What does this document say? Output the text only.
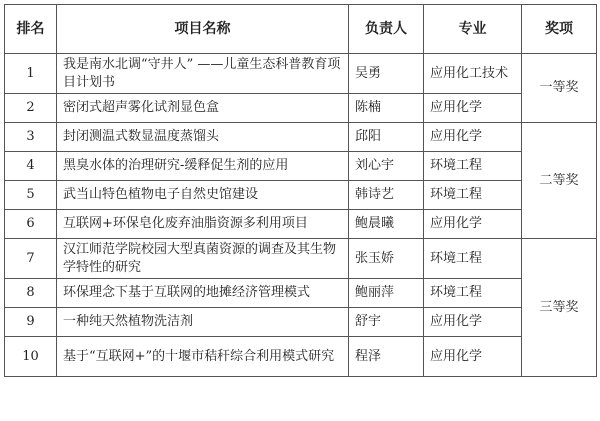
排名	项目名称	负责人	专业	奖项
1	我是南水北调“守井人” ——儿童生态科普教育项目计划书	吴勇	应用化工技术	一等奖
2	密闭式超声雾化试剂显色盒	陈楠	应用化学	
3	封闭测温式数显温度蒸馏头	邱阳	应用化学	二等奖
4	黑臭水体的治理研究-缓释促生剂的应用	刘心宇	环境工程	
5	武当山特色植物电子自然史馆建设	韩诗艺	环境工程	
6	互联网+环保皂化废弃油脂资源多利用项目	鲍晨曦	应用化学	
7	汉江师范学院校园大型真菌资源的调查及其生物学特性的研究	张玉娇	环境工程	三等奖
8	环保理念下基于互联网的地摊经济管理模式	鲍丽萍	环境工程	
9	一种纯天然植物洗洁剂	舒宇	应用化学	
10	基于“互联网+”的十堰市秸秆综合利用模式研究	程泽	应用化学	
